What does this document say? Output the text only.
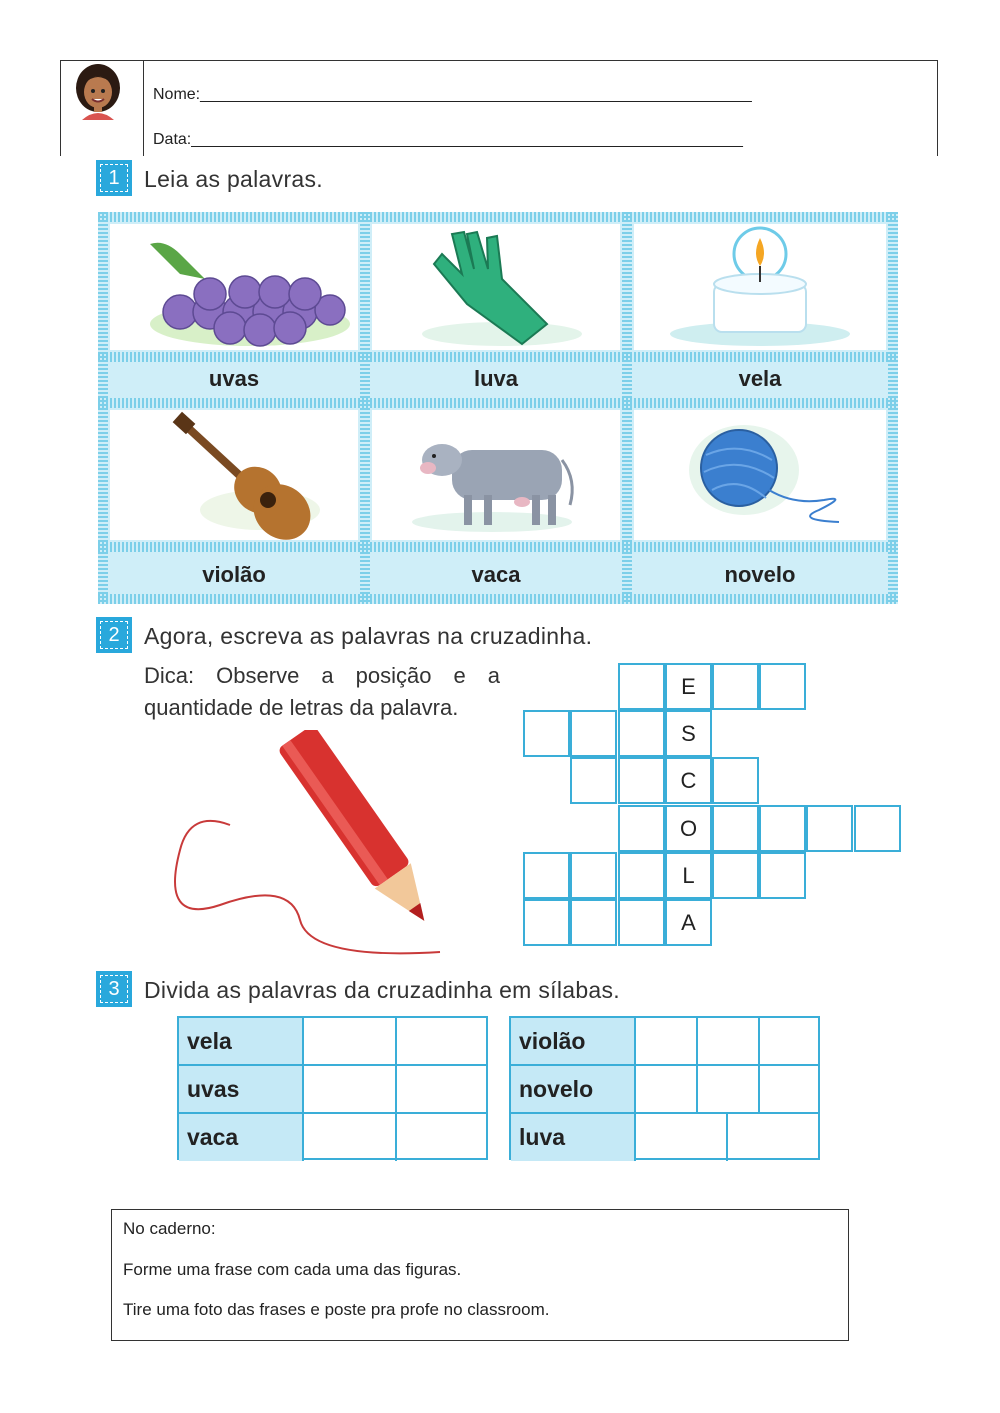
Nome:______________________________________________________________
Data:______________________________________________________________
1	Leia as palavras.
uvas	luva	vela
violão	vaca	novelo
2	Agora, escreva as palavras na cruzadinha.
Dica: Observe a posição e a quantidade de letras da palavra.
E
S
C
O
L
A
3	Divida as palavras da cruzadinha em sílabas.
vela
uvas
vaca
violão
novelo
luva
No caderno:
Forme uma frase com cada uma das figuras.
Tire uma foto das frases e poste pra profe no classroom.
